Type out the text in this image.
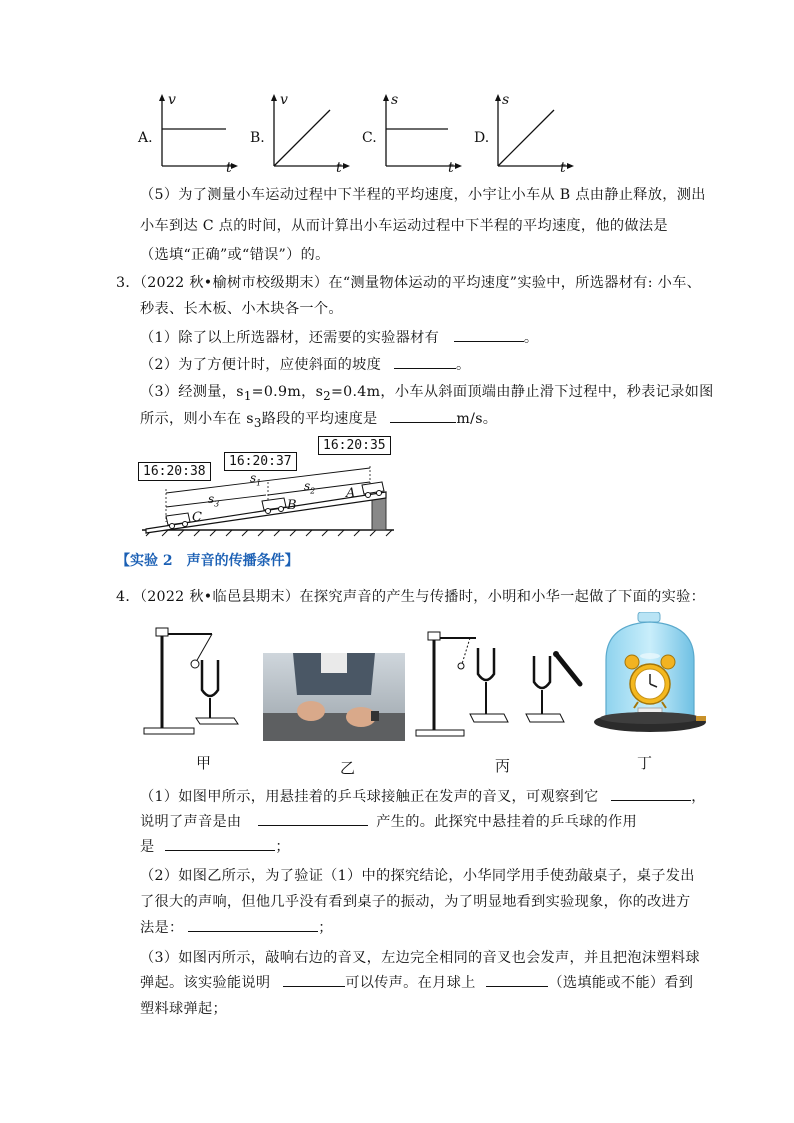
A.	B.	C.	D.
v
t
v
t
s
t
s
t
（5）为了测量小车运动过程中下半程的平均速度，小宇让小车从 B 点由静止释放，测出
小车到达 C 点的时间，从而计算出小车运动过程中下半程的平均速度，他的做法是
（选填“正确”或“错误”）的。
3．（2022 秋•榆树市校级期末）在“测量物体运动的平均速度”实验中，所选器材有: 小车、
秒表、长木板、小木块各一个。
（1）除了以上所选器材，还需要的实验器材有	。
（2）为了方便计时，应使斜面的坡度	。
（3）经测量，$s_1=0.9m$，$s_2=0.4m$，小车从斜面顶端由静止滑下过程中，秒表记录如图
所示，则小车在 $s_3$路段的平均速度是	m/s。
16:20:38
16:20:37
16:20:35
$s_1$	$s_2$
$s_3$
A
B
C
【实验 2　声音的传播条件】
4．（2022 秋•临邑县期末）在探究声音的产生与传播时，小明和小华一起做了下面的实验：
甲	乙	丙	丁
（1）如图甲所示，用悬挂着的乒乓球接触正在发声的音叉，可观察到它	，
说明了声音是由	产生的。此探究中悬挂着的乒乓球的作用
是	；
（2）如图乙所示，为了验证（1）中的探究结论，小华同学用手使劲敲桌子，桌子发出
了很大的声响，但他几乎没有看到桌子的振动，为了明显地看到实验现象，你的改进方
法是：	；
（3）如图丙所示，敲响右边的音叉，左边完全相同的音叉也会发声，并且把泡沫塑料球
弹起。该实验能说明	可以传声。在月球上	（选填能或不能）看到
塑料球弹起；
